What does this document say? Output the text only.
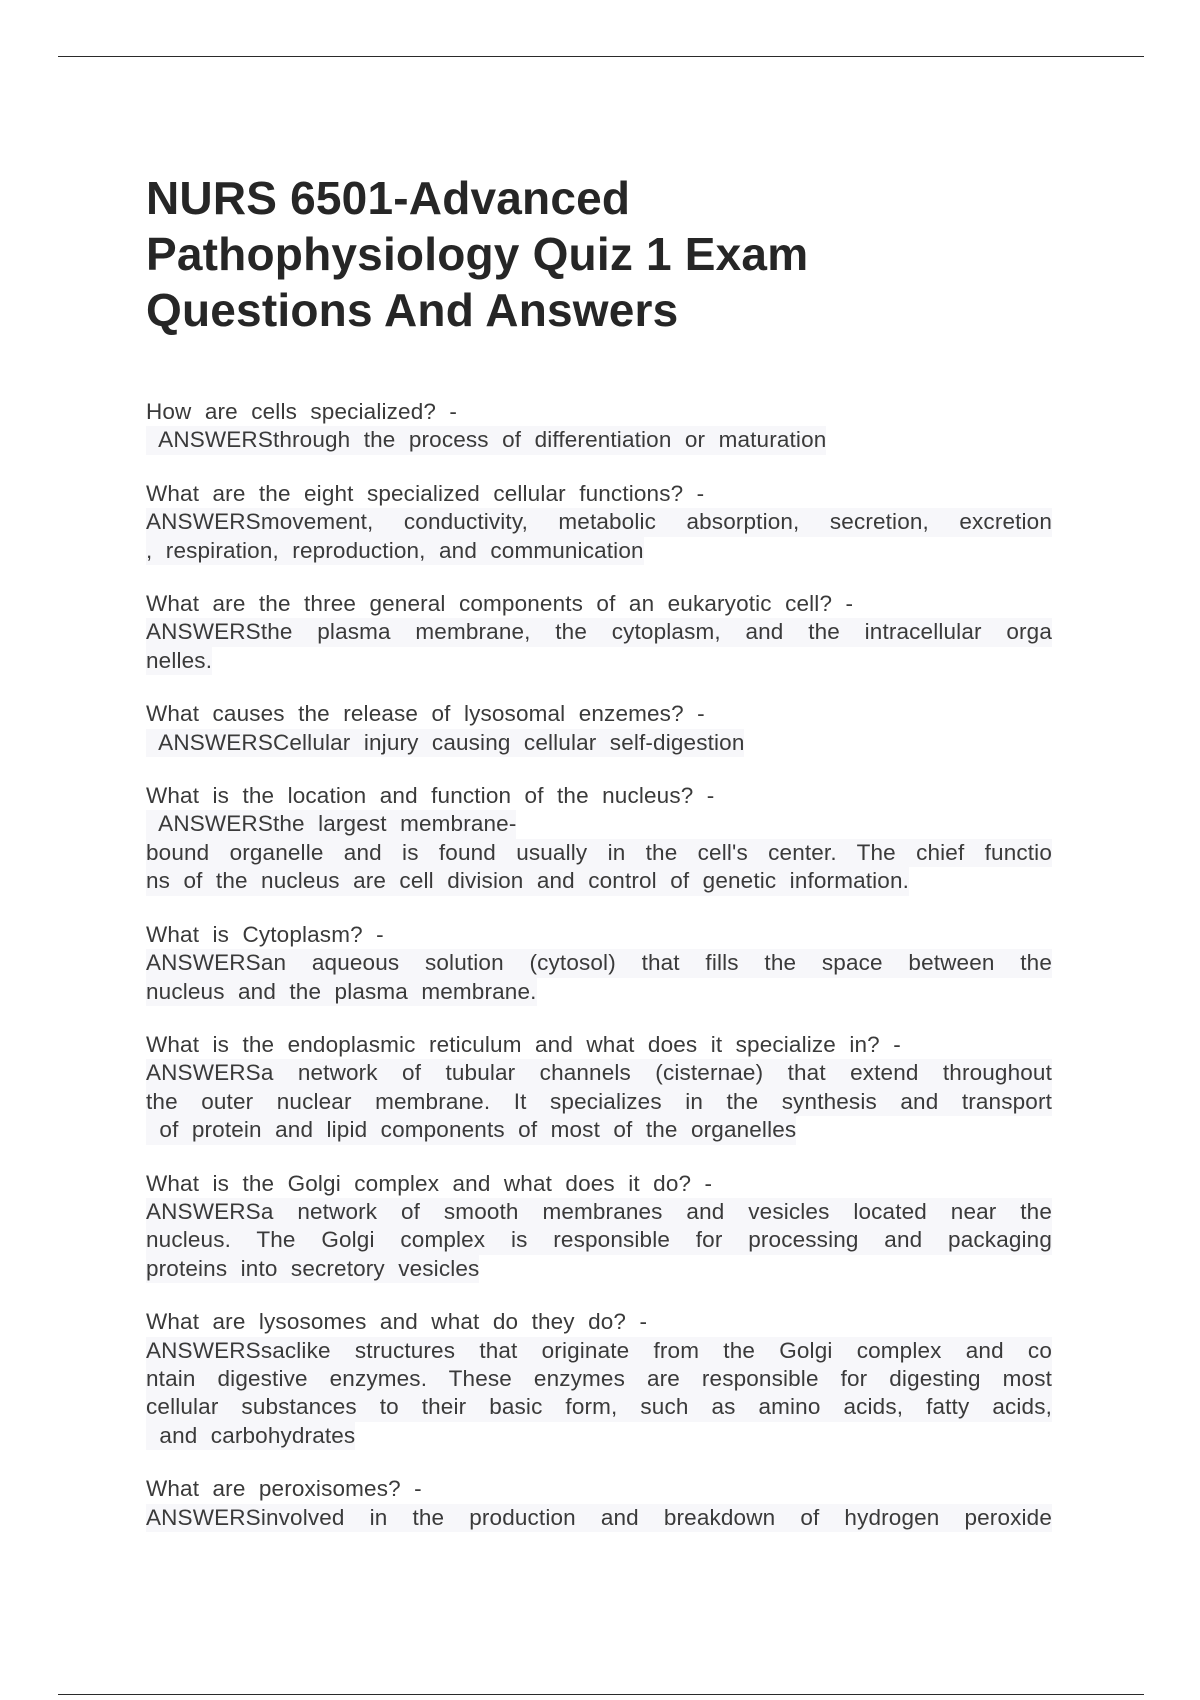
NURS 6501-Advanced
Pathophysiology Quiz 1 Exam
Questions And Answers
How are cells specialized? -
ANSWERSthrough the process of differentiation or maturation
What are the eight specialized cellular functions? -
ANSWERSmovement, conductivity, metabolic absorption, secretion, excretion
, respiration, reproduction, and communication
What are the three general components of an eukaryotic cell? -
ANSWERSthe plasma membrane, the cytoplasm, and the intracellular orga
nelles.
What causes the release of lysosomal enzemes? -
ANSWERSCellular injury causing cellular self-digestion
What is the location and function of the nucleus? -
ANSWERSthe largest membrane-
bound organelle and is found usually in the cell's center. The chief functio
ns of the nucleus are cell division and control of genetic information.
What is Cytoplasm? -
ANSWERSan aqueous solution (cytosol) that fills the space between the
nucleus and the plasma membrane.
What is the endoplasmic reticulum and what does it specialize in? -
ANSWERSa network of tubular channels (cisternae) that extend throughout
the outer nuclear membrane. It specializes in the synthesis and transport
of protein and lipid components of most of the organelles
What is the Golgi complex and what does it do? -
ANSWERSa network of smooth membranes and vesicles located near the
nucleus. The Golgi complex is responsible for processing and packaging
proteins into secretory vesicles
What are lysosomes and what do they do? -
ANSWERSsaclike structures that originate from the Golgi complex and co
ntain digestive enzymes. These enzymes are responsible for digesting most
cellular substances to their basic form, such as amino acids, fatty acids,
and carbohydrates
What are peroxisomes? -
ANSWERSinvolved in the production and breakdown of hydrogen peroxide
